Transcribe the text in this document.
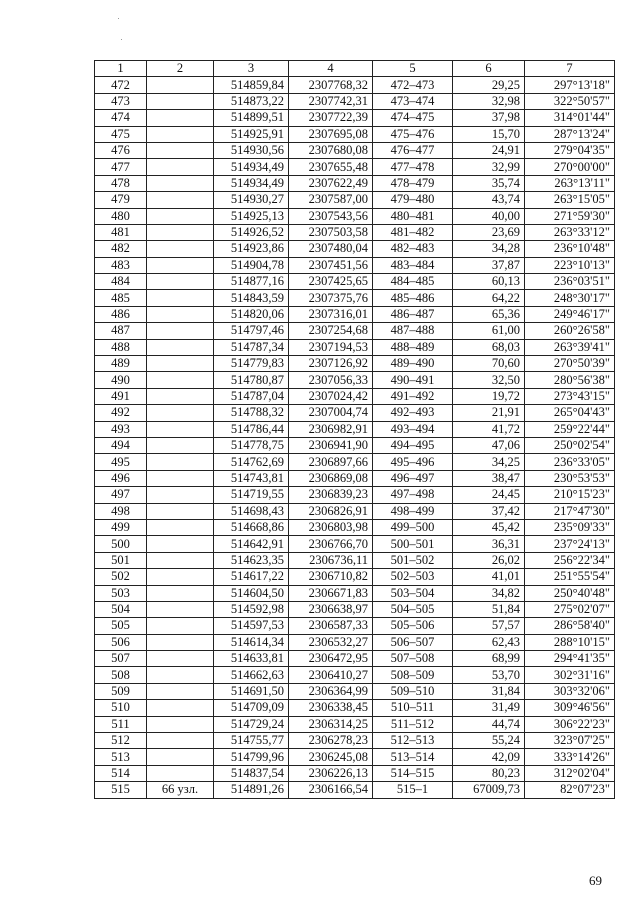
1	2	3	4	5	6	7
472		514859,84	2307768,32	472–473	29,25	297°13'18"
473		514873,22	2307742,31	473–474	32,98	322°50'57"
474		514899,51	2307722,39	474–475	37,98	314°01'44"
475		514925,91	2307695,08	475–476	15,70	287°13'24"
476		514930,56	2307680,08	476–477	24,91	279°04'35"
477		514934,49	2307655,48	477–478	32,99	270°00'00"
478		514934,49	2307622,49	478–479	35,74	263°13'11"
479		514930,27	2307587,00	479–480	43,74	263°15'05"
480		514925,13	2307543,56	480–481	40,00	271°59'30"
481		514926,52	2307503,58	481–482	23,69	263°33'12"
482		514923,86	2307480,04	482–483	34,28	236°10'48"
483		514904,78	2307451,56	483–484	37,87	223°10'13"
484		514877,16	2307425,65	484–485	60,13	236°03'51"
485		514843,59	2307375,76	485–486	64,22	248°30'17"
486		514820,06	2307316,01	486–487	65,36	249°46'17"
487		514797,46	2307254,68	487–488	61,00	260°26'58"
488		514787,34	2307194,53	488–489	68,03	263°39'41"
489		514779,83	2307126,92	489–490	70,60	270°50'39"
490		514780,87	2307056,33	490–491	32,50	280°56'38"
491		514787,04	2307024,42	491–492	19,72	273°43'15"
492		514788,32	2307004,74	492–493	21,91	265°04'43"
493		514786,44	2306982,91	493–494	41,72	259°22'44"
494		514778,75	2306941,90	494–495	47,06	250°02'54"
495		514762,69	2306897,66	495–496	34,25	236°33'05"
496		514743,81	2306869,08	496–497	38,47	230°53'53"
497		514719,55	2306839,23	497–498	24,45	210°15'23"
498		514698,43	2306826,91	498–499	37,42	217°47'30"
499		514668,86	2306803,98	499–500	45,42	235°09'33"
500		514642,91	2306766,70	500–501	36,31	237°24'13"
501		514623,35	2306736,11	501–502	26,02	256°22'34"
502		514617,22	2306710,82	502–503	41,01	251°55'54"
503		514604,50	2306671,83	503–504	34,82	250°40'48"
504		514592,98	2306638,97	504–505	51,84	275°02'07"
505		514597,53	2306587,33	505–506	57,57	286°58'40"
506		514614,34	2306532,27	506–507	62,43	288°10'15"
507		514633,81	2306472,95	507–508	68,99	294°41'35"
508		514662,63	2306410,27	508–509	53,70	302°31'16"
509		514691,50	2306364,99	509–510	31,84	303°32'06"
510		514709,09	2306338,45	510–511	31,49	309°46'56"
511		514729,24	2306314,25	511–512	44,74	306°22'23"
512		514755,77	2306278,23	512–513	55,24	323°07'25"
513		514799,96	2306245,08	513–514	42,09	333°14'26"
514		514837,54	2306226,13	514–515	80,23	312°02'04"
515	66 узл.	514891,26	2306166,54	515–1	67009,73	82°07'23"
69
